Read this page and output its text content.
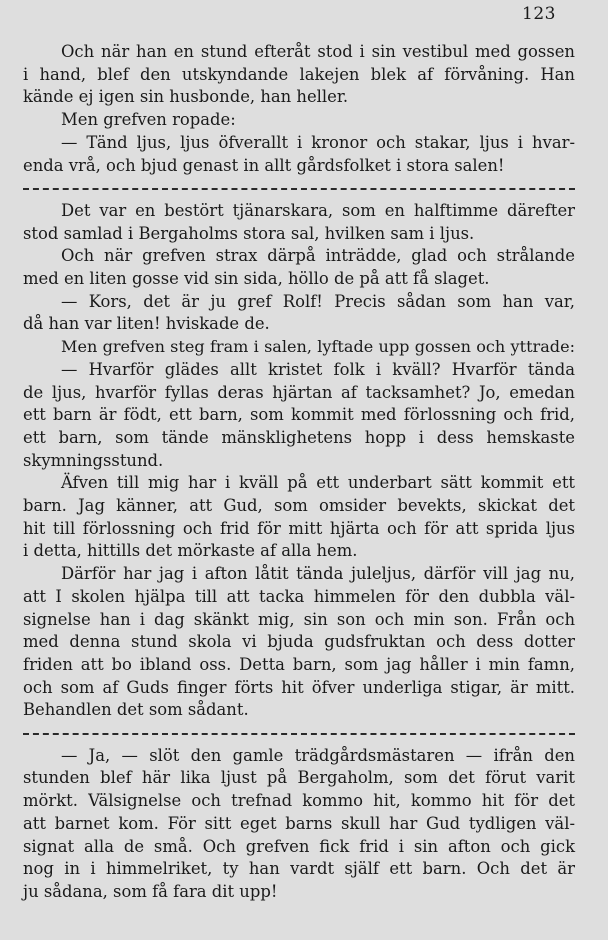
123
Och när han en stund efteråt stod i sin vestibul med gossen
i hand, blef den utskyndande lakejen blek af förvåning. Han
kände ej igen sin husbonde, han heller.
Men grefven ropade:
— Tänd ljus, ljus öfverallt i kronor och stakar, ljus i hvar-
enda vrå, och bjud genast in allt gårdsfolket i stora salen!
Det var en bestört tjänarskara, som en halftimme därefter
stod samlad i Bergaholms stora sal, hvilken sam i ljus.
Och när grefven strax därpå inträdde, glad och strålande
med en liten gosse vid sin sida, höllo de på att få slaget.
— Kors, det är ju gref Rolf! Precis sådan som han var,
då han var liten! hviskade de.
Men grefven steg fram i salen, lyftade upp gossen och yttrade:
— Hvarför glädes allt kristet folk i kväll? Hvarför tända
de ljus, hvarför fyllas deras hjärtan af tacksamhet? Jo, emedan
ett barn är födt, ett barn, som kommit med förlossning och frid,
ett barn, som tände mänsklighetens hopp i dess hemskaste
skymningsstund.
Äfven till mig har i kväll på ett underbart sätt kommit ett
barn. Jag känner, att Gud, som omsider bevekts, skickat det
hit till förlossning och frid för mitt hjärta och för att sprida ljus
i detta, hittills det mörkaste af alla hem.
Därför har jag i afton låtit tända juleljus, därför vill jag nu,
att I skolen hjälpa till att tacka himmelen för den dubbla väl-
signelse han i dag skänkt mig, sin son och min son. Från och
med denna stund skola vi bjuda gudsfruktan och dess dotter
friden att bo ibland oss. Detta barn, som jag håller i min famn,
och som af Guds finger förts hit öfver underliga stigar, är mitt.
Behandlen det som sådant.
— Ja, — slöt den gamle trädgårdsmästaren — ifrån den
stunden blef här lika ljust på Bergaholm, som det förut varit
mörkt. Välsignelse och trefnad kommo hit, kommo hit för det
att barnet kom. För sitt eget barns skull har Gud tydligen väl-
signat alla de små. Och grefven fick frid i sin afton och gick
nog in i himmelriket, ty han vardt själf ett barn. Och det är
ju sådana, som få fara dit upp!
